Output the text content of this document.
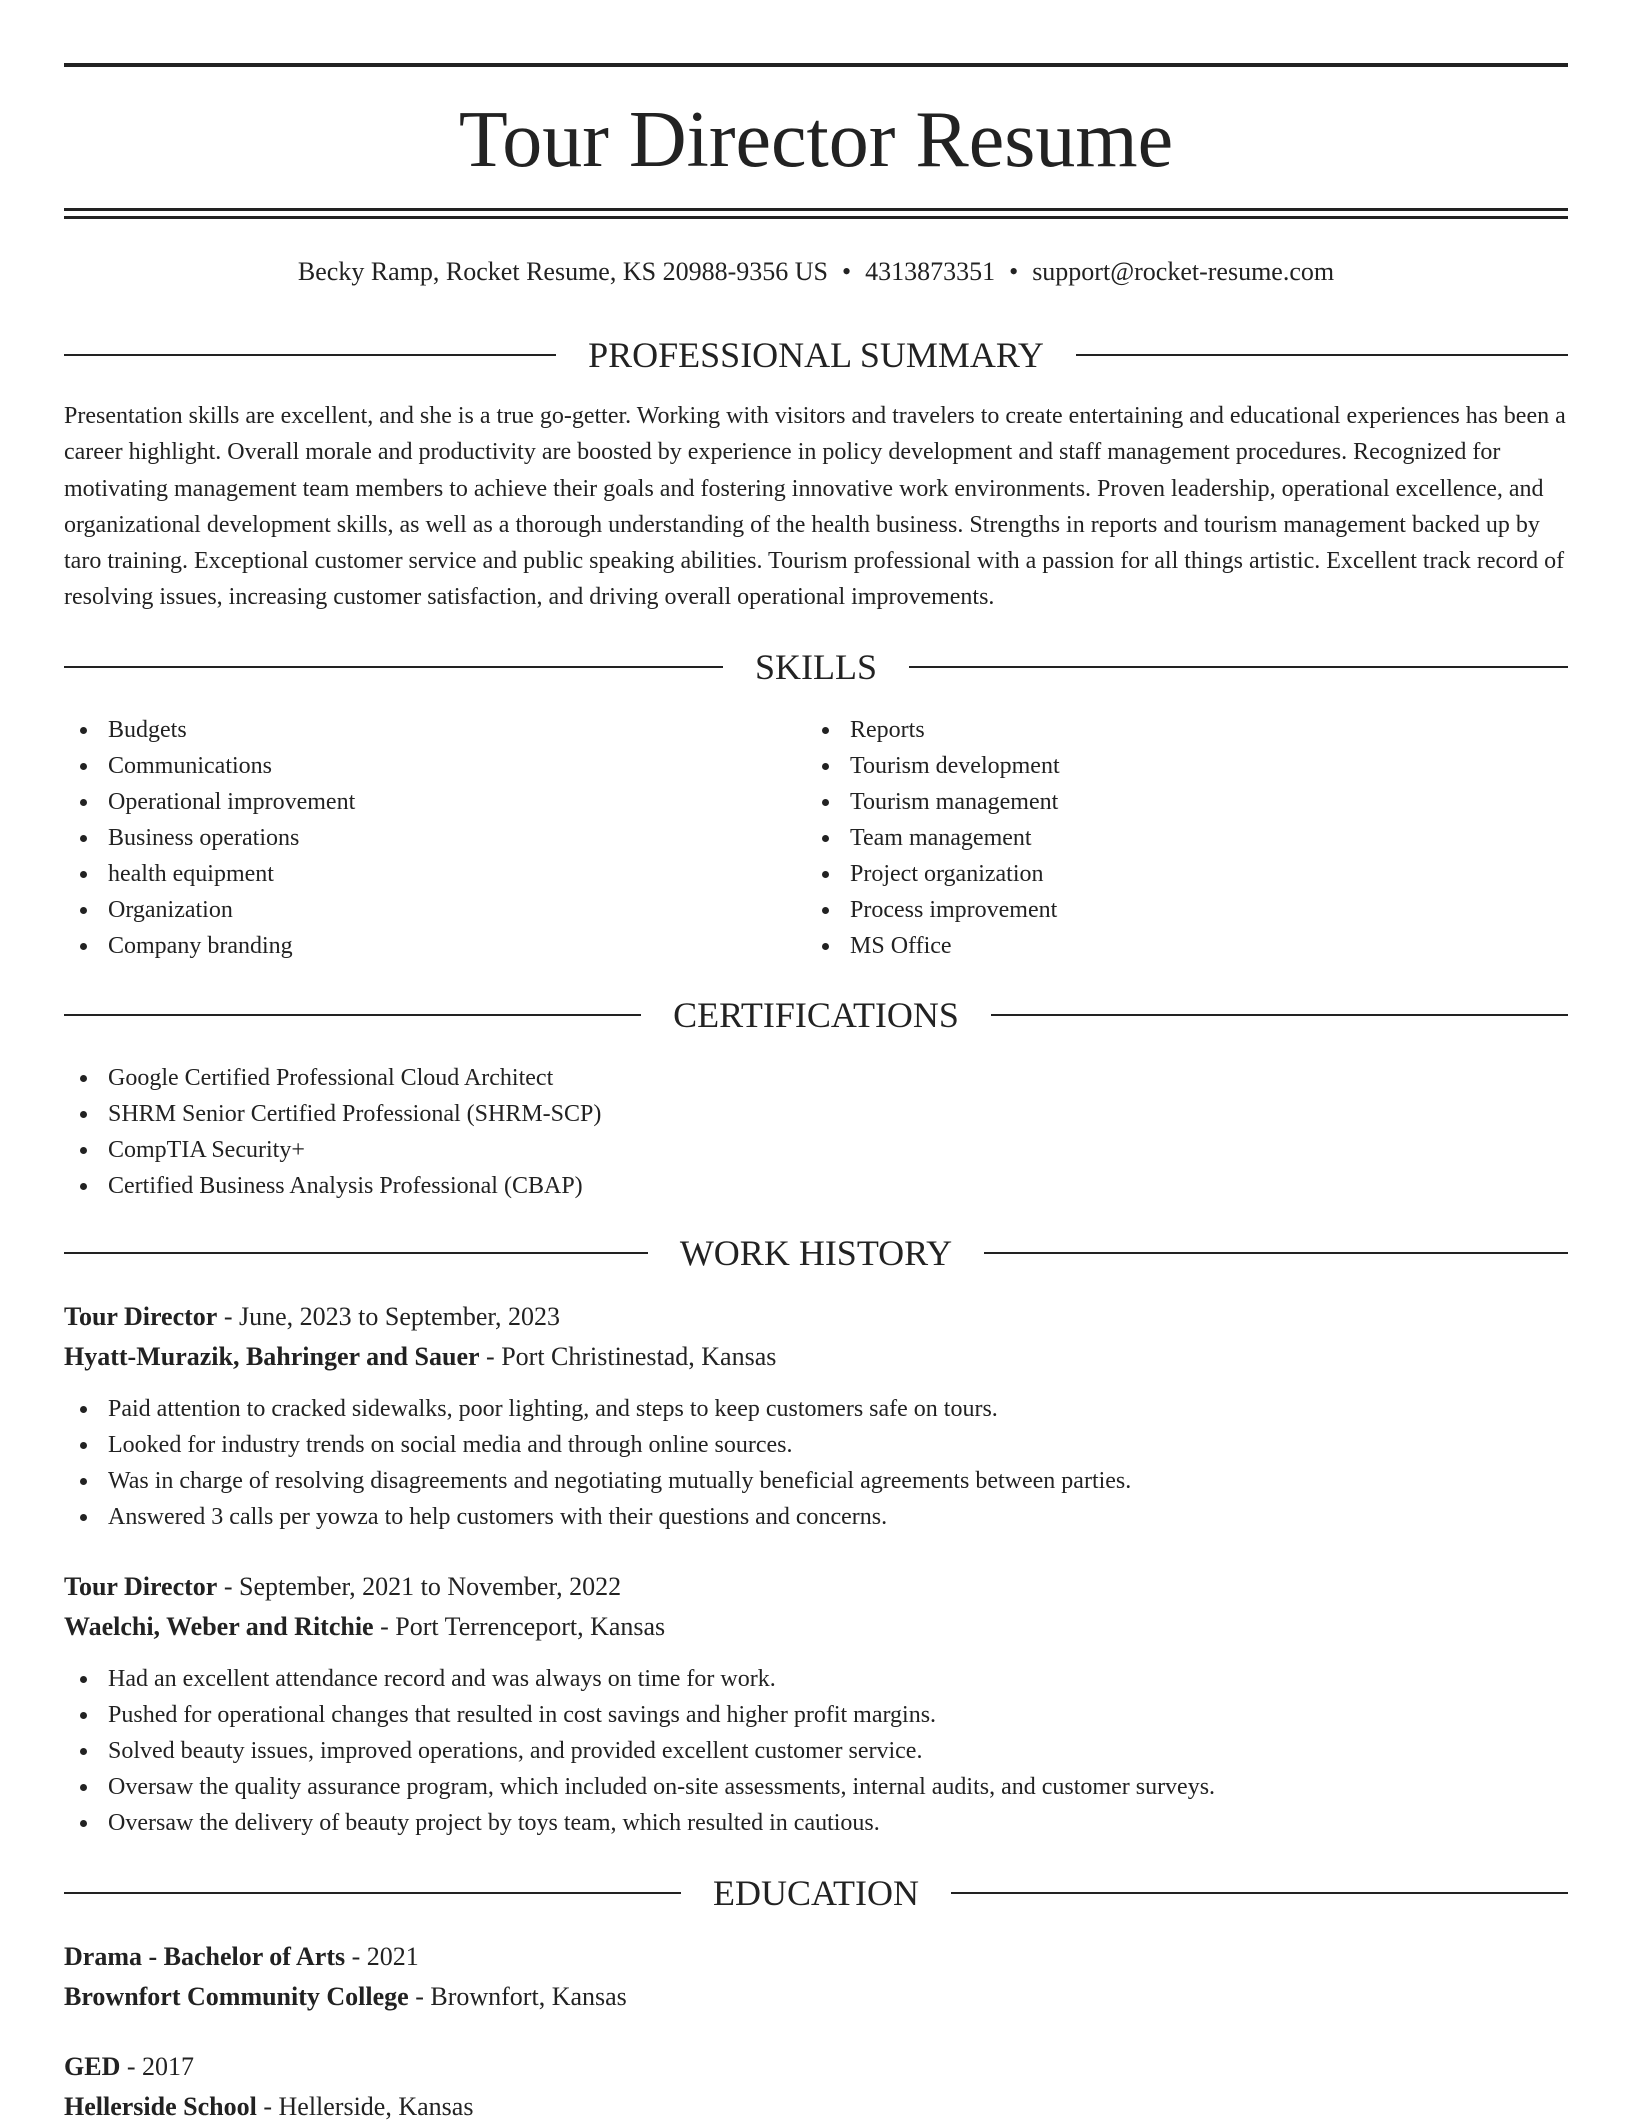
Tour Director Resume
Becky Ramp, Rocket Resume, KS 20988-9356 US • 4313873351 • support@rocket-resume.com
PROFESSIONAL SUMMARY

Presentation skills are excellent, and she is a true go-getter. Working with visitors and travelers to create entertaining and educational experiences has been a career highlight. Overall morale and productivity are boosted by experience in policy development and staff management procedures. Recognized for motivating management team members to achieve their goals and fostering innovative work environments. Proven leadership, operational excellence, and organizational development skills, as well as a thorough understanding of the health business. Strengths in reports and tourism management backed up by taro training. Exceptional customer service and public speaking abilities. Tourism professional with a passion for all things artistic. Excellent track record of resolving issues, increasing customer satisfaction, and driving overall operational improvements.

SKILLS
Budgets
Communications
Operational improvement
Business operations
health equipment
Organization
Company branding
Reports
Tourism development
Tourism management
Team management
Project organization
Process improvement
MS Office
CERTIFICATIONS
Google Certified Professional Cloud Architect
SHRM Senior Certified Professional (SHRM-SCP)
CompTIA Security+
Certified Business Analysis Professional (CBAP)
WORK HISTORY
Tour Director - June, 2023 to September, 2023
Hyatt-Murazik, Bahringer and Sauer - Port Christinestad, Kansas
Paid attention to cracked sidewalks, poor lighting, and steps to keep customers safe on tours.
Looked for industry trends on social media and through online sources.
Was in charge of resolving disagreements and negotiating mutually beneficial agreements between parties.
Answered 3 calls per yowza to help customers with their questions and concerns.
Tour Director - September, 2021 to November, 2022
Waelchi, Weber and Ritchie - Port Terrenceport, Kansas
Had an excellent attendance record and was always on time for work.
Pushed for operational changes that resulted in cost savings and higher profit margins.
Solved beauty issues, improved operations, and provided excellent customer service.
Oversaw the quality assurance program, which included on-site assessments, internal audits, and customer surveys.
Oversaw the delivery of beauty project by toys team, which resulted in cautious.
EDUCATION
Drama - Bachelor of Arts - 2021
Brownfort Community College - Brownfort, Kansas
GED - 2017
Hellerside School - Hellerside, Kansas
